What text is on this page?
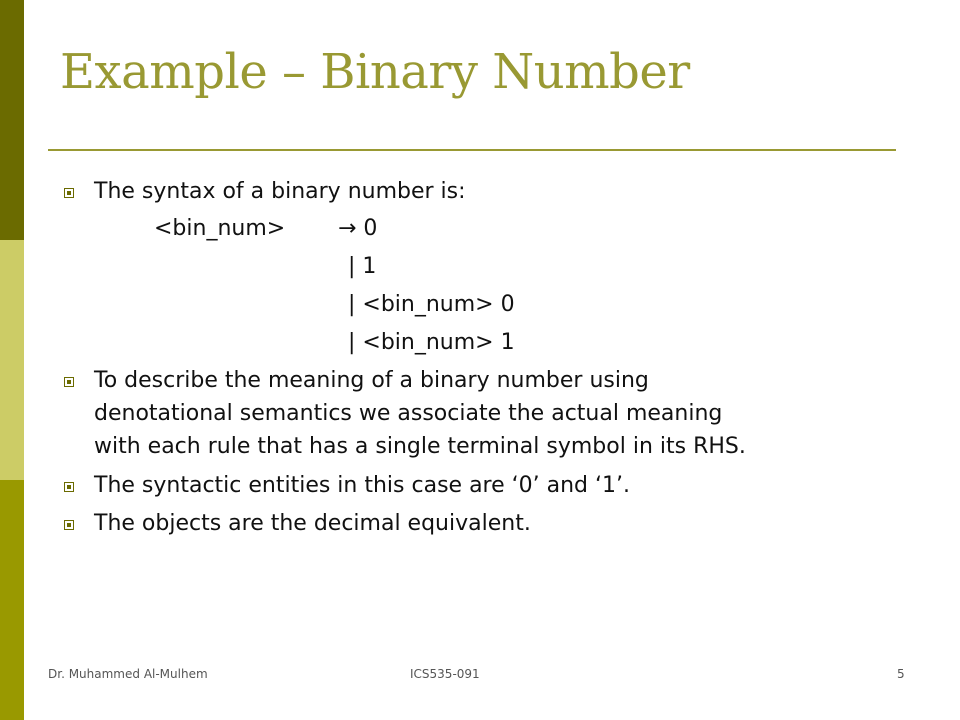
Example – Binary Number
The syntax of a binary number is:
<bin_num> → 0
| 1
| <bin_num> 0
| <bin_num> 1
To describe the meaning of a binary number using
denotational semantics we associate the actual meaning
with each rule that has a single terminal symbol in its RHS.
The syntactic entities in this case are ‘0’ and ‘1’.
The objects are the decimal equivalent.
Dr. Muhammed Al-Mulhem	ICS535-091	5
